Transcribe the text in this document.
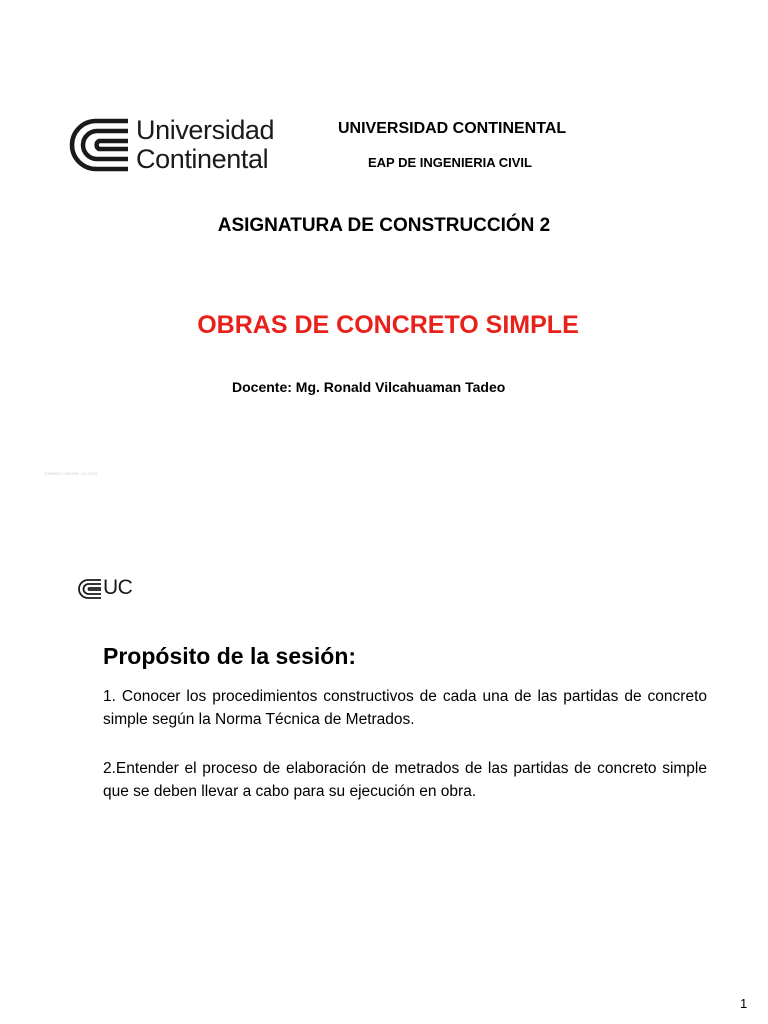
Universidad
Continental
UNIVERSIDAD CONTINENTAL
EAP DE INGENIERIA CIVIL
ASIGNATURA DE CONSTRUCCIÓN 2
OBRAS DE CONCRETO SIMPLE
Docente: Mg. Ronald Vilcahuaman Tadeo
ERMERO JARAPA -UC 2024
UC
Propósito de la sesión:
1. Conocer los procedimientos constructivos de cada una de las partidas de concreto simple según la Norma Técnica de Metrados.
2.Entender el proceso de elaboración de metrados de las partidas de concreto simple que se deben llevar a cabo para su ejecución en obra.
1
